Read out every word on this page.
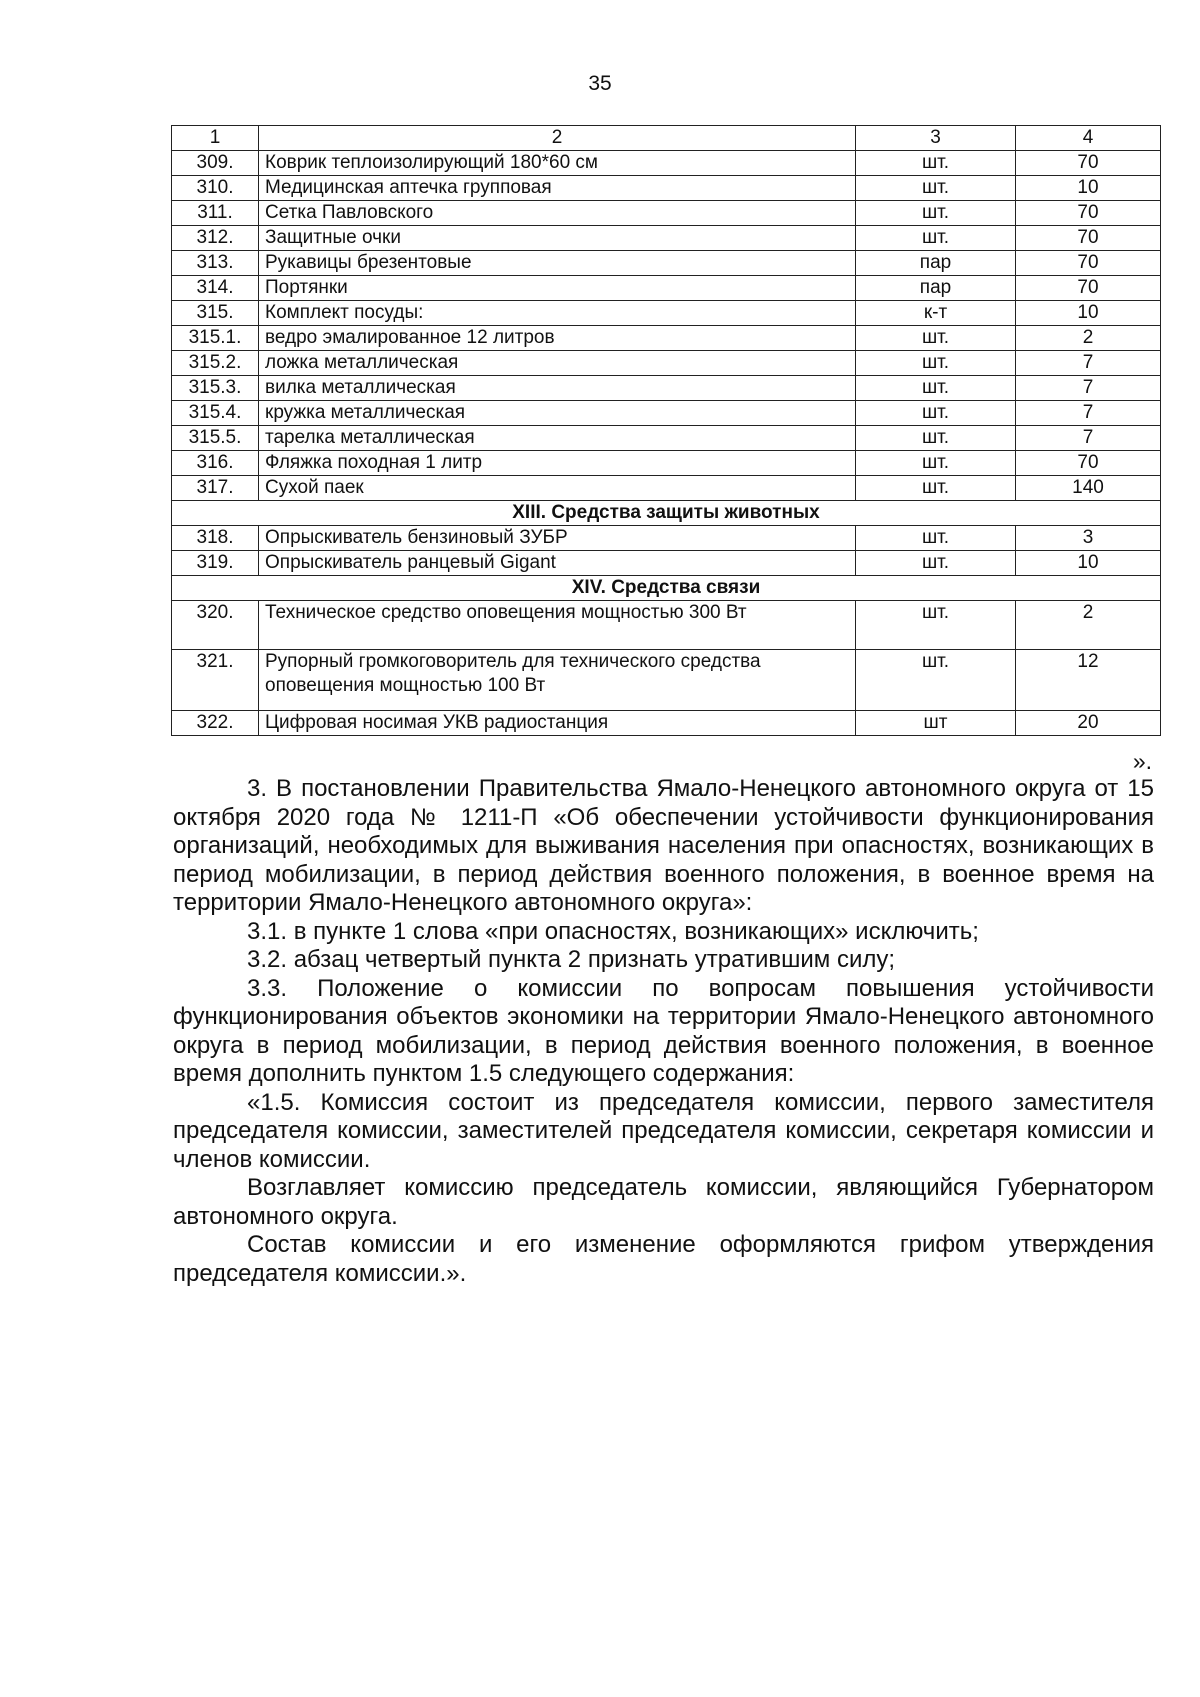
35
1	2	3	4
309.	Коврик теплоизолирующий 180*60 см	шт.	70
310.	Медицинская аптечка групповая	шт.	10
311.	Сетка Павловского	шт.	70
312.	Защитные очки	шт.	70
313.	Рукавицы брезентовые	пар	70
314.	Портянки	пар	70
315.	Комплект посуды:	к-т	10
315.1.	ведро эмалированное 12 литров	шт.	2
315.2.	ложка металлическая	шт.	7
315.3.	вилка металлическая	шт.	7
315.4.	кружка металлическая	шт.	7
315.5.	тарелка металлическая	шт.	7
316.	Фляжка походная 1 литр	шт.	70
317.	Сухой паек	шт.	140
XIII. Средства защиты животных			
318.	Опрыскиватель бензиновый ЗУБР	шт.	3
319.	Опрыскиватель ранцевый Gigant	шт.	10
XIV. Средства связи			
320.	Техническое средство оповещения мощностью 300 Вт	шт.	2
321.	Рупорный громкоговоритель для технического средства оповещения мощностью 100 Вт	шт.	12
322.	Цифровая носимая УКВ радиостанция	шт	20
».

3. В постановлении Правительства Ямало-Ненецкого автономного округа от 15 октября 2020 года № 1211-П «Об обеспечении устойчивости функционирования организаций, необходимых для выживания населения при опасностях, возникающих в период мобилизации, в период действия военного положения, в военное время на территории Ямало-Ненецкого автономного округа»:

3.1. в пункте 1 слова «при опасностях, возникающих» исключить;

3.2. абзац четвертый пункта 2 признать утратившим силу;

3.3. Положение о комиссии по вопросам повышения устойчивости функционирования объектов экономики на территории Ямало-Ненецкого автономного округа в период мобилизации, в период действия военного положения, в военное время дополнить пунктом 1.5 следующего содержания:

«1.5. Комиссия состоит из председателя комиссии, первого заместителя председателя комиссии, заместителей председателя комиссии, секретаря комиссии и членов комиссии.

Возглавляет комиссию председатель комиссии, являющийся Губернатором автономного округа.

Состав комиссии и его изменение оформляются грифом утверждения председателя комиссии.».
